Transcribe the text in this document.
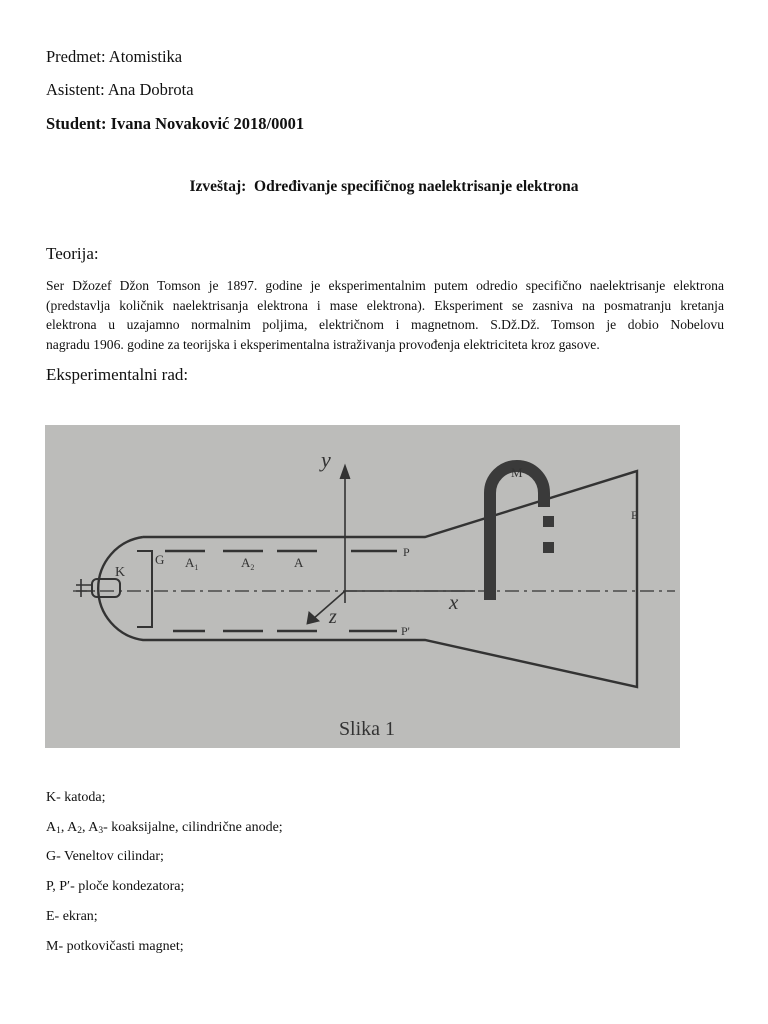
Predmet: Atomistika
Asistent: Ana Dobrota
Student: Ivana Novaković 2018/0001
Izveštaj:  Određivanje specifičnog naelektrisanje elektrona
Teorija:
Ser Džozef Džon Tomson je 1897. godine je eksperimentalnim putem odredio specifično naelektrisanje elektrona
(predstavlja količnik naelektrisanja elektrona i mase elektrona). Eksperiment se zasniva na posmatranju kretanja
elektrona u uzajamno normalnim poljima, električnom i magnetnom. S.Dž.Dž. Tomson je dobio Nobelovu
nagradu 1906. godine za teorijska i eksperimentalna istraživanja provođenja elektriciteta kroz gasove.
Eksperimentalni rad:
Slika 1
y
x
z
K
G $A_1$	$A_2$	A
P
P'
M
E
K- katoda;
$A_1$, $A_2$, $A_3-$ koaksijalne, cilindrične anode;
G- Veneltov cilindar;
P, P′- ploče kondezatora;
E- ekran;
M- potkovičasti magnet;
